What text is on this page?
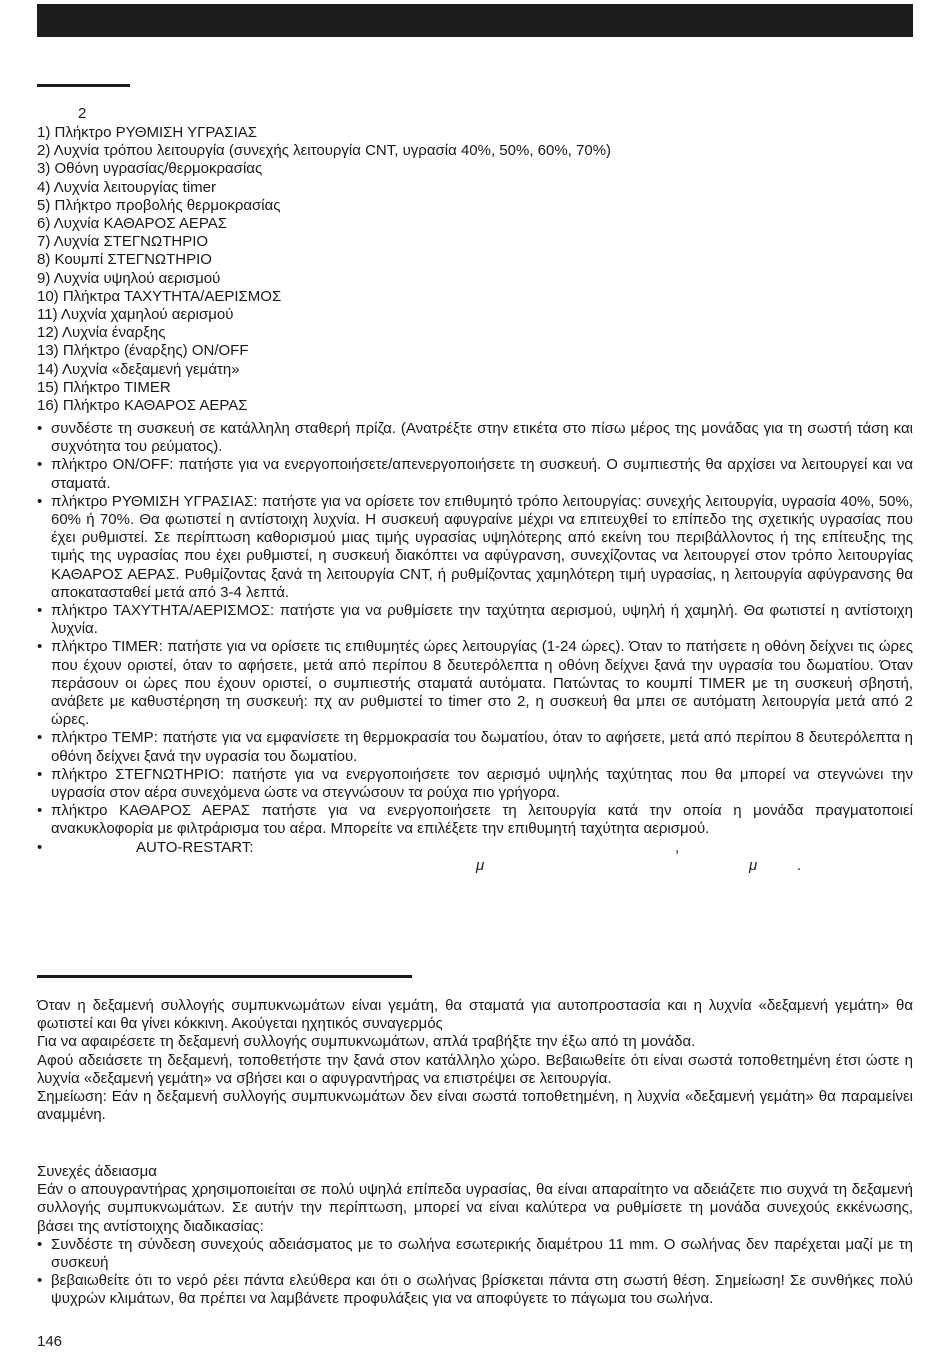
2
1) Πλήκτρο ΡΥΘΜΙΣΗ ΥΓΡΑΣΙΑΣ
2) Λυχνία τρόπου λειτουργία (συνεχής λειτουργία CNT, υγρασία 40%, 50%, 60%, 70%)
3) Οθόνη υγρασίας/θερμοκρασίας
4) Λυχνία λειτουργίας timer
5) Πλήκτρο προβολής θερμοκρασίας
6) Λυχνία ΚΑΘΑΡΟΣ ΑΕΡΑΣ
7) Λυχνία ΣΤΕΓΝΩΤΗΡΙΟ
8) Κουμπί ΣΤΕΓΝΩΤΗΡΙΟ
9) Λυχνία υψηλού αερισμού
10) Πλήκτρα ΤΑΧΥΤΗΤΑ/ΑΕΡΙΣΜΟΣ
11) Λυχνία χαμηλού αερισμού
12) Λυχνία έναρξης
13) Πλήκτρο (έναρξης) ON/OFF
14) Λυχνία «δεξαμενή γεμάτη»
15) Πλήκτρο TIMER
16) Πλήκτρο ΚΑΘΑΡΟΣ ΑΕΡΑΣ
• συνδέστε τη συσκευή σε κατάλληλη σταθερή πρίζα. (Ανατρέξτε στην ετικέτα στο πίσω μέρος της μονάδας για τη σωστή τάση και συχνότητα του ρεύματος).
• πλήκτρο ON/OFF: πατήστε για να ενεργοποιήσετε/απενεργοποιήσετε τη συσκευή. Ο συμπιεστής θα αρχίσει να λειτουργεί και να σταματά.
• πλήκτρο ΡΥΘΜΙΣΗ ΥΓΡΑΣΙΑΣ: πατήστε για να ορίσετε τον επιθυμητό τρόπο λειτουργίας: συνεχής λειτουργία, υγρασία 40%, 50%, 60% ή 70%. Θα φωτιστεί η αντίστοιχη λυχνία. Η συσκευή αφυγραίνε μέχρι να επιτευχθεί το επίπεδο της σχετικής υγρασίας που έχει ρυθμιστεί. Σε περίπτωση καθορισμού μιας τιμής υγρασίας υψηλότερης από εκείνη του περιβάλλοντος ή της επίτευξης της τιμής της υγρασίας που έχει ρυθμιστεί, η συσκευή διακόπτει να αφύγρανση, συνεχίζοντας να λειτουργεί στον τρόπο λειτουργίας ΚΑΘΑΡΟΣ ΑΕΡΑΣ. Ρυθμίζοντας ξανά τη λειτουργία CNT, ή ρυθμίζοντας χαμηλότερη τιμή υγρασίας, η λειτουργία αφύγρανσης θα αποκατασταθεί μετά από 3-4 λεπτά.
• πλήκτρο ΤΑΧΥΤΗΤΑ/ΑΕΡΙΣΜΟΣ: πατήστε για να ρυθμίσετε την ταχύτητα αερισμού, υψηλή ή χαμηλή. Θα φωτιστεί η αντίστοιχη λυχνία.
• πλήκτρο TIMER: πατήστε για να ορίσετε τις επιθυμητές ώρες λειτουργίας (1-24 ώρες). Όταν το πατήσετε η οθόνη δείχνει τις ώρες που έχουν οριστεί, όταν το αφήσετε, μετά από περίπου 8 δευτερόλεπτα η οθόνη δείχνει ξανά την υγρασία του δωματίου. Όταν περάσουν οι ώρες που έχουν οριστεί, ο συμπιεστής σταματά αυτόματα. Πατώντας το κουμπί TIMER με τη συσκευή σβηστή, ανάβετε με καθυστέρηση τη συσκευή: πχ αν ρυθμιστεί το timer στο 2, η συσκευή θα μπει σε αυτόματη λειτουργία μετά από 2 ώρες.
• πλήκτρο TEMP: πατήστε για να εμφανίσετε τη θερμοκρασία του δωματίου, όταν το αφήσετε, μετά από περίπου 8 δευτερόλεπτα η οθόνη δείχνει ξανά την υγρασία του δωματίου.
• πλήκτρο ΣΤΕΓΝΩΤΗΡΙΟ: πατήστε για να ενεργοποιήσετε τον αερισμό υψηλής ταχύτητας που θα μπορεί να στεγνώνει την υγρασία στον αέρα συνεχόμενα ώστε να στεγνώσουν τα ρούχα πιο γρήγορα.
• πλήκτρο ΚΑΘΑΡΟΣ ΑΕΡΑΣ πατήστε για να ενεργοποιήσετε τη λειτουργία κατά την οποία η μονάδα πραγματοποιεί ανακυκλοφορία με φιλτράρισμα του αέρα. Μπορείτε να επιλέξετε την επιθυμητή ταχύτητα αερισμού.
•	AUTO-RESTART:	,
μ	μ	.

Όταν η δεξαμενή συλλογής συμπυκνωμάτων είναι γεμάτη, θα σταματά για αυτοπροστασία και η λυχνία «δεξαμενή γεμάτη» θα φωτιστεί και θα γίνει κόκκινη. Ακούγεται ηχητικός συναγερμός

Για να αφαιρέσετε τη δεξαμενή συλλογής συμπυκνωμάτων, απλά τραβήξτε την έξω από τη μονάδα.

Αφού αδειάσετε τη δεξαμενή, τοποθετήστε την ξανά στον κατάλληλο χώρο. Βεβαιωθείτε ότι είναι σωστά τοποθετημένη έτσι ώστε η λυχνία «δεξαμενή γεμάτη» να σβήσει και ο αφυγραντήρας να επιστρέψει σε λειτουργία.

Σημείωση: Εάν η δεξαμενή συλλογής συμπυκνωμάτων δεν είναι σωστά τοποθετημένη, η λυχνία «δεξαμενή γεμάτη» θα παραμείνει αναμμένη.

Συνεχές άδειασμα

Εάν ο απουγραντήρας χρησιμοποιείται σε πολύ υψηλά επίπεδα υγρασίας, θα είναι απαραίτητο να αδειάζετε πιο συχνά τη δεξαμενή συλλογής συμπυκνωμάτων. Σε αυτήν την περίπτωση, μπορεί να είναι καλύτερα να ρυθμίσετε τη μονάδα συνεχούς εκκένωσης, βάσει της αντίστοιχης διαδικασίας:

• Συνδέστε τη σύνδεση συνεχούς αδειάσματος με το σωλήνα εσωτερικής διαμέτρου 11 mm. Ο σωλήνας δεν παρέχεται μαζί με τη συσκευή
• βεβαιωθείτε ότι το νερό ρέει πάντα ελεύθερα και ότι ο σωλήνας βρίσκεται πάντα στη σωστή θέση. Σημείωση! Σε συνθήκες πολύ ψυχρών κλιμάτων, θα πρέπει να λαμβάνετε προφυλάξεις για να αποφύγετε το πάγωμα του σωλήνα.
146
